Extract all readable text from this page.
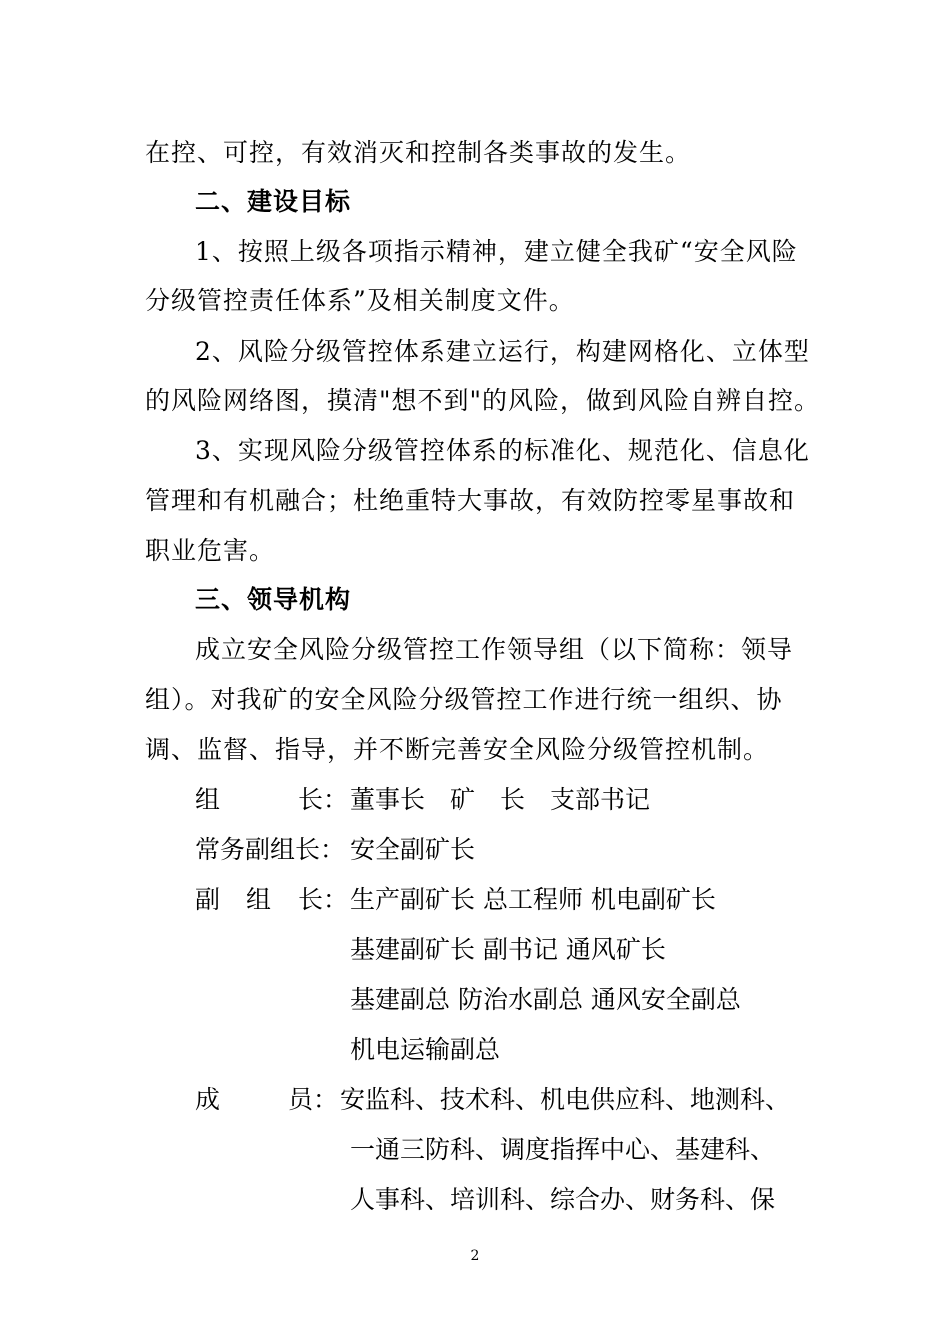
在控、可控，有效消灭和控制各类事故的发生。
二、建设目标
1、按照上级各项指示精神，建立健全我矿“安全风险
分级管控责任体系”及相关制度文件。
2、风险分级管控体系建立运行，构建网格化、立体型
的风险网络图，摸清"想不到"的风险，做到风险自辨自控。
3、实现风险分级管控体系的标准化、规范化、信息化
管理和有机融合；杜绝重特大事故，有效防控零星事故和
职业危害。
三、领导机构
成立安全风险分级管控工作领导组（以下简称：领导
组）。对我矿的安全风险分级管控工作进行统一组织、协
调、监督、指导，并不断完善安全风险分级管控机制。
组	长： 董事长　矿　长　支部书记
常务副组长： 安全副矿长
副 组 长： 生产副矿长 总工程师 机电副矿长
基建副矿长 副书记 通风矿长
基建副总 防治水副总 通风安全副总
机电运输副总
成	员： 安监科、技术科、机电供应科、地测科、
一通三防科、调度指挥中心、基建科、
人事科、培训科、综合办、财务科、保
2
